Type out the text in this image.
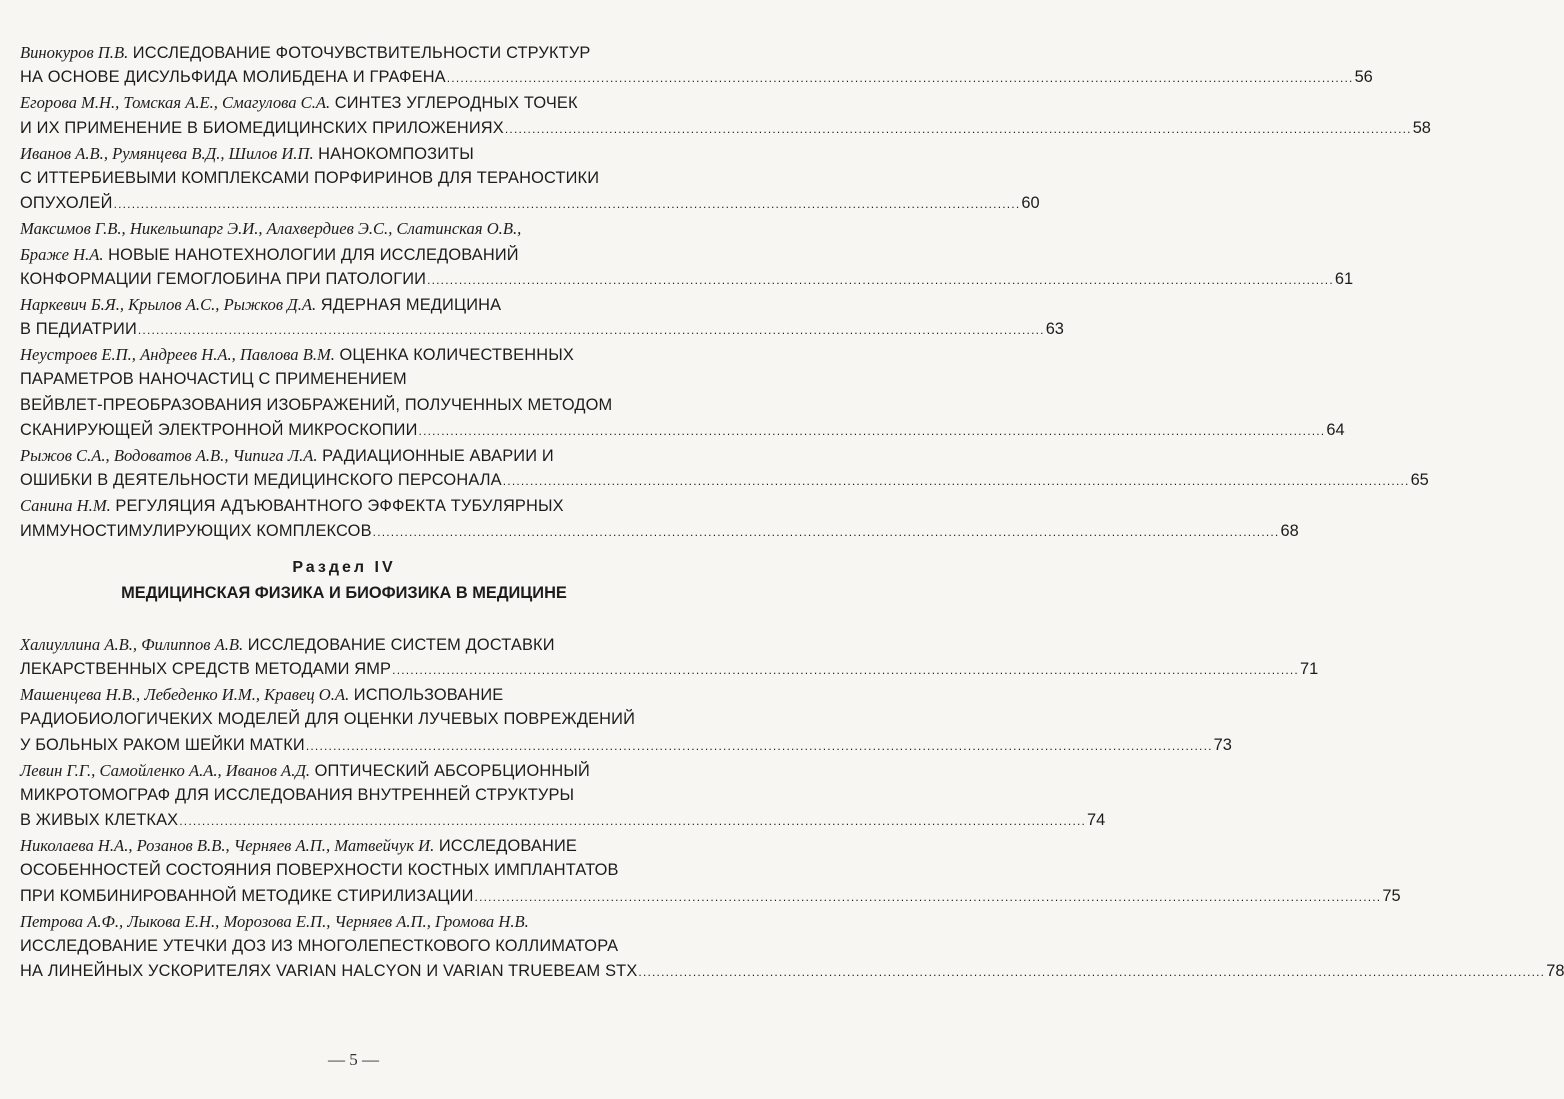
Винокуров П.В. ИССЛЕДОВАНИЕ ФОТОЧУВСТВИТЕЛЬНОСТИ СТРУКТУР
НА ОСНОВЕ ДИСУЛЬФИДА МОЛИБДЕНА И ГРАФЕНА ........................................................................................................................................................................................................ 56
Егорова М.Н., Томская А.Е., Смагулова С.А. СИНТЕЗ УГЛЕРОДНЫХ ТОЧЕК
И ИХ ПРИМЕНЕНИЕ В БИОМЕДИЦИНСКИХ ПРИЛОЖЕНИЯХ ........................................................................................................................................................................................................ 58
Иванов А.В., Румянцева В.Д., Шилов И.П. НАНОКОМПОЗИТЫ
С ИТТЕРБИЕВЫМИ КОМПЛЕКСАМИ ПОРФИРИНОВ ДЛЯ ТЕРАНОСТИКИ
ОПУХОЛЕЙ ........................................................................................................................................................................................................ 60
Максимов Г.В., Никельшпарг Э.И., Алахвердиев Э.С., Слатинская О.В.,
Браже Н.А. НОВЫЕ НАНОТЕХНОЛОГИИ ДЛЯ ИССЛЕДОВАНИЙ
КОНФОРМАЦИИ ГЕМОГЛОБИНА ПРИ ПАТОЛОГИИ ........................................................................................................................................................................................................ 61
Наркевич Б.Я., Крылов А.С., Рыжков Д.А. ЯДЕРНАЯ МЕДИЦИНА
В ПЕДИАТРИИ ........................................................................................................................................................................................................ 63
Неустроев Е.П., Андреев Н.А., Павлова В.М. ОЦЕНКА КОЛИЧЕСТВЕННЫХ
ПАРАМЕТРОВ НАНОЧАСТИЦ С ПРИМЕНЕНИЕМ
ВЕЙВЛЕТ-ПРЕОБРАЗОВАНИЯ ИЗОБРАЖЕНИЙ, ПОЛУЧЕННЫХ МЕТОДОМ
СКАНИРУЮЩЕЙ ЭЛЕКТРОННОЙ МИКРОСКОПИИ ........................................................................................................................................................................................................ 64
Рыжов С.А., Водоватов А.В., Чипига Л.А. РАДИАЦИОННЫЕ АВАРИИ И
ОШИБКИ В ДЕЯТЕЛЬНОСТИ МЕДИЦИНСКОГО ПЕРСОНАЛА ........................................................................................................................................................................................................ 65
Санина Н.М. РЕГУЛЯЦИЯ АДЪЮВАНТНОГО ЭФФЕКТА ТУБУЛЯРНЫХ
ИММУНОСТИМУЛИРУЮЩИХ КОМПЛЕКСОВ ........................................................................................................................................................................................................ 68
Раздел IV
МЕДИЦИНСКАЯ ФИЗИКА И БИОФИЗИКА В МЕДИЦИНЕ
Халиуллина А.В., Филиппов А.В. ИССЛЕДОВАНИЕ СИСТЕМ ДОСТАВКИ
ЛЕКАРСТВЕННЫХ СРЕДСТВ МЕТОДАМИ ЯМР ........................................................................................................................................................................................................ 71
Машенцева Н.В., Лебеденко И.М., Кравец О.А. ИСПОЛЬЗОВАНИЕ
РАДИОБИОЛОГИЧЕКИХ МОДЕЛЕЙ ДЛЯ ОЦЕНКИ ЛУЧЕВЫХ ПОВРЕЖДЕНИЙ
У БОЛЬНЫХ РАКОМ ШЕЙКИ МАТКИ ........................................................................................................................................................................................................ 73
Левин Г.Г., Самойленко А.А., Иванов А.Д. ОПТИЧЕСКИЙ АБСОРБЦИОННЫЙ
МИКРОТОМОГРАФ ДЛЯ ИССЛЕДОВАНИЯ ВНУТРЕННЕЙ СТРУКТУРЫ
В ЖИВЫХ КЛЕТКАХ ........................................................................................................................................................................................................ 74
Николаева Н.А., Розанов В.В., Черняев А.П., Матвейчук И. ИССЛЕДОВАНИЕ
ОСОБЕННОСТЕЙ СОСТОЯНИЯ ПОВЕРХНОСТИ КОСТНЫХ ИМПЛАНТАТОВ
ПРИ КОМБИНИРОВАННОЙ МЕТОДИКЕ СТИРИЛИЗАЦИИ ........................................................................................................................................................................................................ 75
Петрова А.Ф., Лыкова Е.Н., Морозова Е.П., Черняев А.П., Громова Н.В.
ИССЛЕДОВАНИЕ УТЕЧКИ ДОЗ ИЗ МНОГОЛЕПЕСТКОВОГО КОЛЛИМАТОРА
НА ЛИНЕЙНЫХ УСКОРИТЕЛЯХ VARIAN HALCYON И VARIAN TRUEBEAM STX ........................................................................................................................................................................................................ 78
— 5 —
